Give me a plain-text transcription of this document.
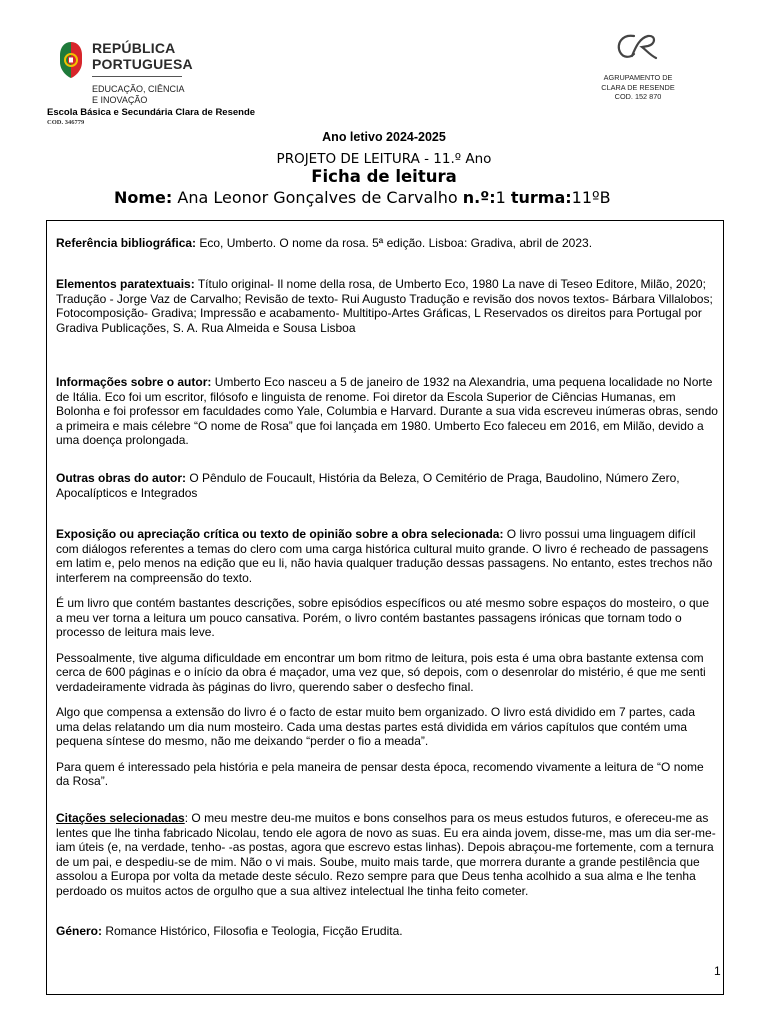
REPÚBLICA
PORTUGUESA
EDUCAÇÃO, CIÊNCIA
E INOVAÇÃO
Escola Básica e Secundária Clara de Resende
COD. 346779
AGRUPAMENTO DE
CLARA DE RESENDE
COD. 152 870
Ano letivo 2024-2025
PROJETO DE LEITURA - 11.º Ano
Ficha de leitura
Nome: Ana Leonor Gonçalves de Carvalho n.º:1 turma:11ºB
Referência bibliográfica: Eco, Umberto. O nome da rosa. 5ª edição. Lisboa: Gradiva, abril de 2023.
Elementos paratextuais: Título original- Il nome della rosa, de Umberto Eco, 1980 La nave di Teseo Editore, Milão, 2020; Tradução - Jorge Vaz de Carvalho; Revisão de texto- Rui Augusto Tradução e revisão dos novos textos- Bárbara Villalobos; Fotocomposição- Gradiva; Impressão e acabamento- Multitipo-Artes Gráficas, L Reservados os direitos para Portugal por Gradiva Publicações, S. A. Rua Almeida e Sousa Lisboa
Informações sobre o autor: Umberto Eco nasceu a 5 de janeiro de 1932 na Alexandria, uma pequena localidade no Norte de Itália. Eco foi um escritor, filósofo e linguista de renome. Foi diretor da Escola Superior de Ciências Humanas, em Bolonha e foi professor em faculdades como Yale, Columbia e Harvard. Durante a sua vida escreveu inúmeras obras, sendo a primeira e mais célebre “O nome de Rosa” que foi lançada em 1980. Umberto Eco faleceu em 2016, em Milão, devido a uma doença prolongada.
Outras obras do autor: O Pêndulo de Foucault, História da Beleza, O Cemitério de Praga, Baudolino, Número Zero, Apocalípticos e Integrados

Exposição ou apreciação crítica ou texto de opinião sobre a obra selecionada: O livro possui uma linguagem difícil com diálogos referentes a temas do clero com uma carga histórica cultural muito grande. O livro é recheado de passagens em latim e, pelo menos na edição que eu li, não havia qualquer tradução dessas passagens. No entanto, estes trechos não interferem na compreensão do texto.

É um livro que contém bastantes descrições, sobre episódios específicos ou até mesmo sobre espaços do mosteiro, o que a meu ver torna a leitura um pouco cansativa. Porém, o livro contém bastantes passagens irónicas que tornam todo o processo de leitura mais leve.

Pessoalmente, tive alguma dificuldade em encontrar um bom ritmo de leitura, pois esta é uma obra bastante extensa com cerca de 600 páginas e o início da obra é maçador, uma vez que, só depois, com o desenrolar do mistério, é que me senti verdadeiramente vidrada às páginas do livro, querendo saber o desfecho final.

Algo que compensa a extensão do livro é o facto de estar muito bem organizado. O livro está dividido em 7 partes, cada uma delas relatando um dia num mosteiro. Cada uma destas partes está dividida em vários capítulos que contém uma pequena síntese do mesmo, não me deixando “perder o fio a meada”.

Para quem é interessado pela história e pela maneira de pensar desta época, recomendo vivamente a leitura de “O nome da Rosa”.

Citações selecionadas: O meu mestre deu-me muitos e bons conselhos para os meus estudos futuros, e ofereceu-me as lentes que lhe tinha fabricado Nicolau, tendo ele agora de novo as suas. Eu era ainda jovem, disse-me, mas um dia ser-me-iam úteis (e, na verdade, tenho- -as postas, agora que escrevo estas linhas). Depois abraçou-me fortemente, com a ternura de um pai, e despediu-se de mim. Não o vi mais. Soube, muito mais tarde, que morrera durante a grande pestilência que assolou a Europa por volta da metade deste século. Rezo sempre para que Deus tenha acolhido a sua alma e lhe tenha perdoado os muitos actos de orgulho que a sua altivez intelectual lhe tinha feito cometer.
Género: Romance Histórico, Filosofia e Teologia, Ficção Erudita.
1
